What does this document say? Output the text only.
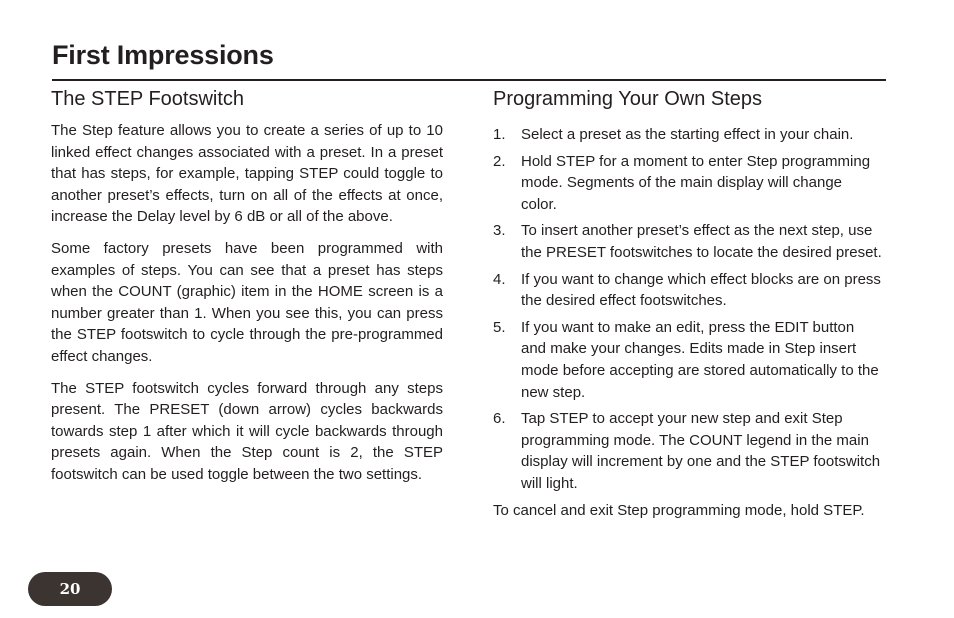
First Impressions
The STEP Footswitch

The Step feature allows you to create a series of up to 10 linked effect changes associated with a preset. In a preset that has steps, for example, tapping STEP could toggle to another preset’s effects, turn on all of the effects at once, increase the Delay level by 6 dB or all of the above.

Some factory presets have been programmed with examples of steps. You can see that a preset has steps when the COUNT (graphic) item in the HOME screen is a number greater than 1. When you see this, you can press the STEP footswitch to cycle through the pre-programmed effect changes.

The STEP footswitch cycles forward through any steps present. The PRESET (down arrow) cycles backwards towards step 1 after which it will cycle backwards through presets again. When the Step count is 2, the STEP footswitch can be used toggle between the two settings.

Programming Your Own Steps
1.	Select a preset as the starting effect in your chain.
2.	Hold STEP for a moment to enter Step programming mode. Segments of the main display will change color.
3.	To insert another preset’s effect as the next step, use the PRESET footswitches to locate the desired preset.
4.	If you want to change which effect blocks are on press the desired effect footswitches.
5.	If you want to make an edit, press the EDIT button and make your changes. Edits made in Step insert mode before accepting are stored automatically to the new step.
6.	Tap STEP to accept your new step and exit Step programming mode. The COUNT legend in the main display will increment by one and the STEP footswitch will light.

To cancel and exit Step programming mode, hold STEP.

20
